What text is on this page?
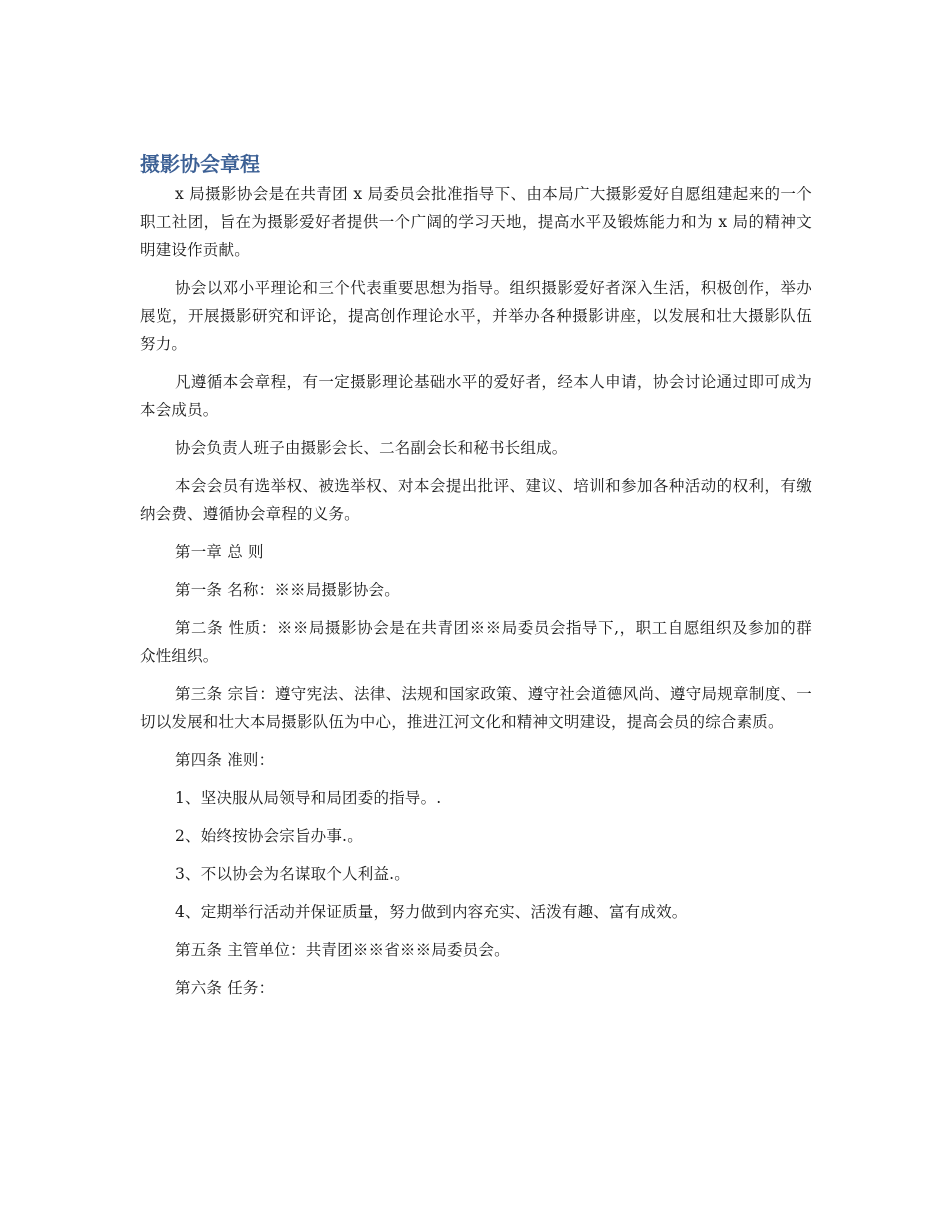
摄影协会章程

x 局摄影协会是在共青团 x 局委员会批准指导下、由本局广大摄影爱好自愿组建起来的一个职工社团，旨在为摄影爱好者提供一个广阔的学习天地，提高水平及锻炼能力和为 x 局的精神文明建设作贡献。

协会以邓小平理论和三个代表重要思想为指导。组织摄影爱好者深入生活，积极创作，举办展览，开展摄影研究和评论，提高创作理论水平，并举办各种摄影讲座，以发展和壮大摄影队伍努力。

凡遵循本会章程，有一定摄影理论基础水平的爱好者，经本人申请，协会讨论通过即可成为本会成员。

协会负责人班子由摄影会长、二名副会长和秘书长组成。

本会会员有选举权、被选举权、对本会提出批评、建议、培训和参加各种活动的权利，有缴纳会费、遵循协会章程的义务。

第一章 总 则

第一条 名称：※※局摄影协会。

第二条 性质：※※局摄影协会是在共青团※※局委员会指导下,，职工自愿组织及参加的群众性组织。

第三条 宗旨：遵守宪法、法律、法规和国家政策、遵守社会道德风尚、遵守局规章制度、一切以发展和壮大本局摄影队伍为中心，推进江河文化和精神文明建设，提高会员的综合素质。

第四条 准则：

1、坚决服从局领导和局团委的指导。.

2、始终按协会宗旨办事.。

3、不以协会为名谋取个人利益.。

4、定期举行活动并保证质量，努力做到内容充实、活泼有趣、富有成效。

第五条 主管单位：共青团※※省※※局委员会。

第六条 任务：
